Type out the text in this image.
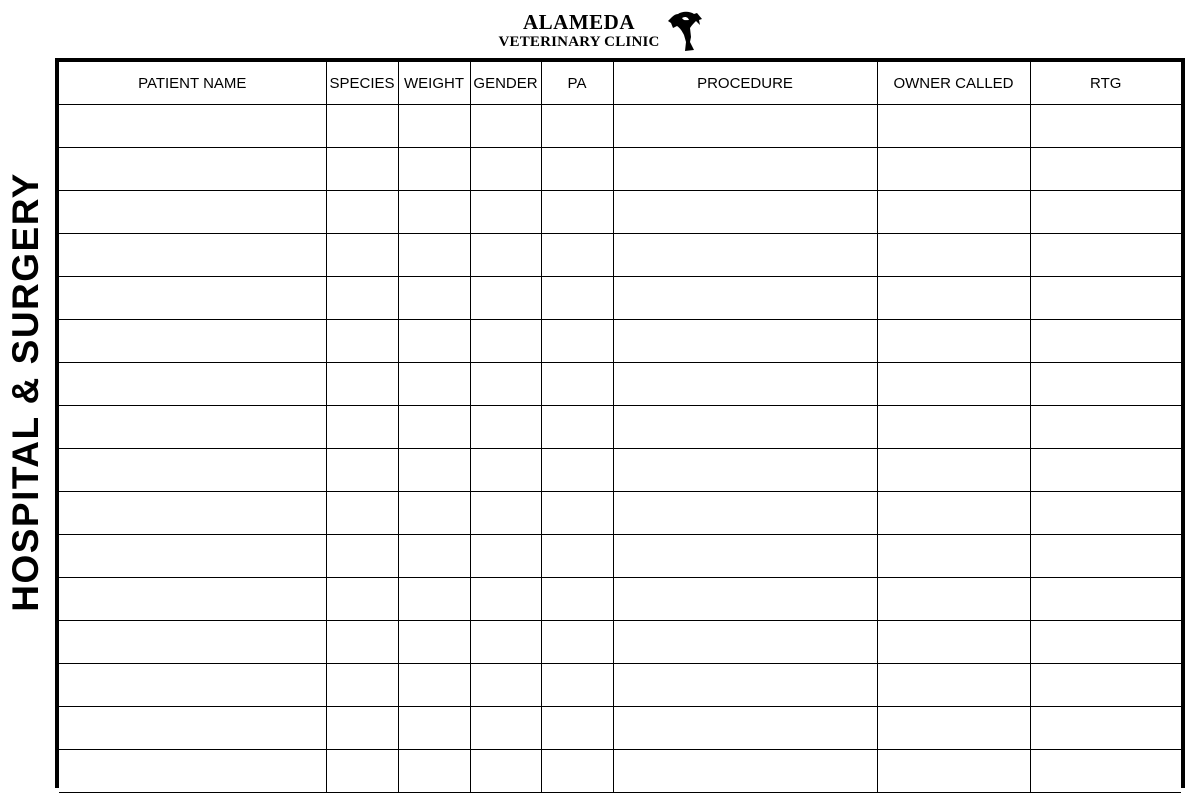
ALAMEDA
VETERINARY CLINIC
HOSPITAL & SURGERY
PATIENT NAME	SPECIES	WEIGHT	GENDER	PA	PROCEDURE	OWNER CALLED	RTG
